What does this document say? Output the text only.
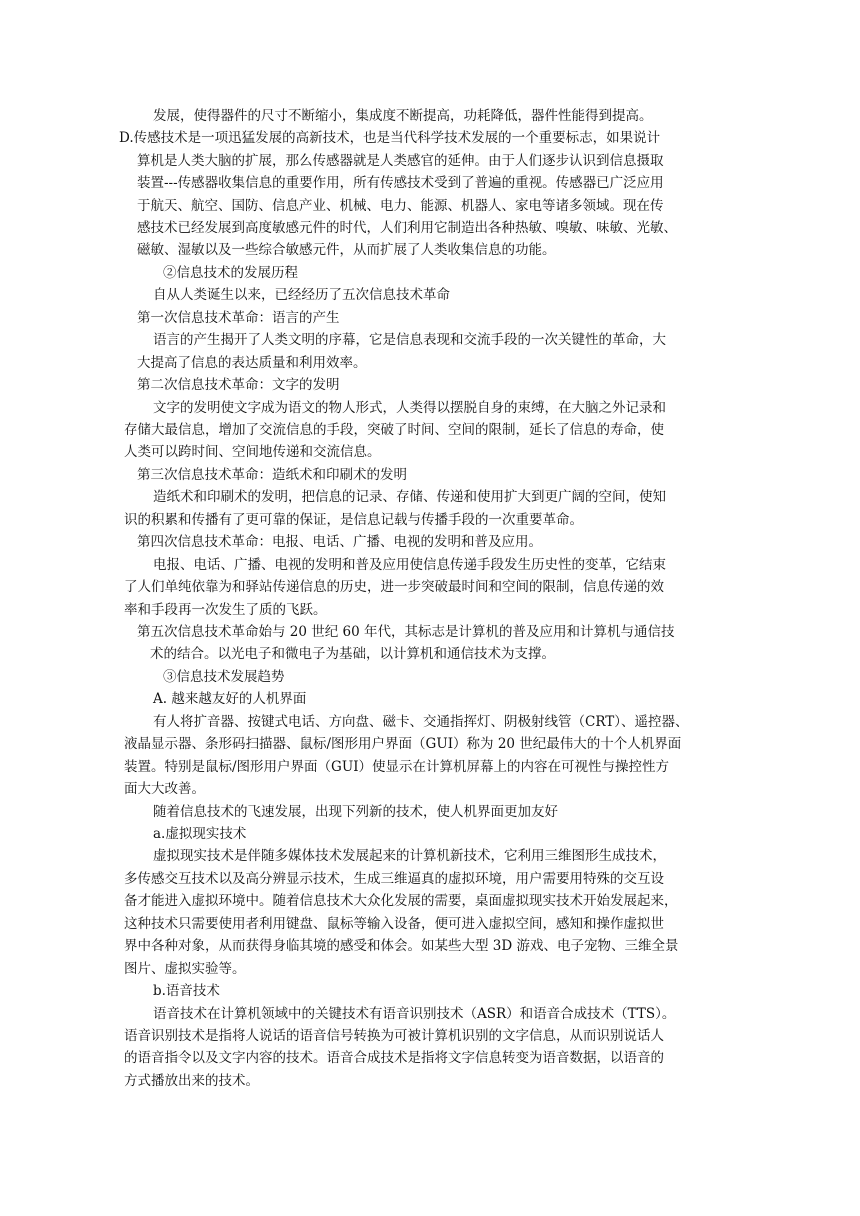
发展，使得器件的尺寸不断缩小，集成度不断提高，功耗降低，器件性能得到提高。
D.传感技术是一项迅猛发展的高新技术，也是当代科学技术发展的一个重要标志，如果说计
算机是人类大脑的扩展，那么传感器就是人类感官的延伸。由于人们逐步认识到信息摄取
装置---传感器收集信息的重要作用，所有传感技术受到了普遍的重视。传感器已广泛应用
于航天、航空、国防、信息产业、机械、电力、能源、机器人、家电等诸多领域。现在传
感技术已经发展到高度敏感元件的时代，人们利用它制造出各种热敏、嗅敏、味敏、光敏、
磁敏、湿敏以及一些综合敏感元件，从而扩展了人类收集信息的功能。
②信息技术的发展历程
自从人类诞生以来，已经经历了五次信息技术革命
第一次信息技术革命：语言的产生
语言的产生揭开了人类文明的序幕，它是信息表现和交流手段的一次关键性的革命，大
大提高了信息的表达质量和利用效率。
第二次信息技术革命：文字的发明
文字的发明使文字成为语文的物人形式，人类得以摆脱自身的束缚，在大脑之外记录和
存储大最信息，增加了交流信息的手段，突破了时间、空间的限制，延长了信息的寿命，使
人类可以跨时间、空间地传递和交流信息。
第三次信息技术革命：造纸术和印刷术的发明
造纸术和印刷术的发明，把信息的记录、存储、传递和使用扩大到更广阔的空间，使知
识的积累和传播有了更可靠的保证，是信息记载与传播手段的一次重要革命。
第四次信息技术革命：电报、电话、广播、电视的发明和普及应用。
电报、电话、广播、电视的发明和普及应用使信息传递手段发生历史性的变革，它结束
了人们单纯依靠为和驿站传递信息的历史，进一步突破最时间和空间的限制，信息传递的效
率和手段再一次发生了质的飞跃。
第五次信息技术革命始与 20 世纪 60 年代，其标志是计算机的普及应用和计算机与通信技
术的结合。以光电子和微电子为基础，以计算机和通信技术为支撑。
③信息技术发展趋势
A. 越来越友好的人机界面
有人将扩音器、按键式电话、方向盘、磁卡、交通指挥灯、阴极射线管（CRT）、遥控器、
液晶显示器、条形码扫描器、鼠标/图形用户界面（GUI）称为 20 世纪最伟大的十个人机界面
装置。特别是鼠标/图形用户界面（GUI）使显示在计算机屏幕上的内容在可视性与操控性方
面大大改善。
随着信息技术的飞速发展，出现下列新的技术，使人机界面更加友好
a.虚拟现实技术
虚拟现实技术是伴随多媒体技术发展起来的计算机新技术，它利用三维图形生成技术，
多传感交互技术以及高分辨显示技术，生成三维逼真的虚拟环境，用户需要用特殊的交互设
备才能进入虚拟环境中。随着信息技术大众化发展的需要，桌面虚拟现实技术开始发展起来，
这种技术只需要使用者利用键盘、鼠标等输入设备，便可进入虚拟空间，感知和操作虚拟世
界中各种对象，从而获得身临其境的感受和体会。如某些大型 3D 游戏、电子宠物、三维全景
图片、虚拟实验等。
b.语音技术
语音技术在计算机领域中的关键技术有语音识别技术（ASR）和语音合成技术（TTS）。
语音识别技术是指将人说话的语音信号转换为可被计算机识别的文字信息，从而识别说话人
的语音指令以及文字内容的技术。语音合成技术是指将文字信息转变为语音数据，以语音的
方式播放出来的技术。
